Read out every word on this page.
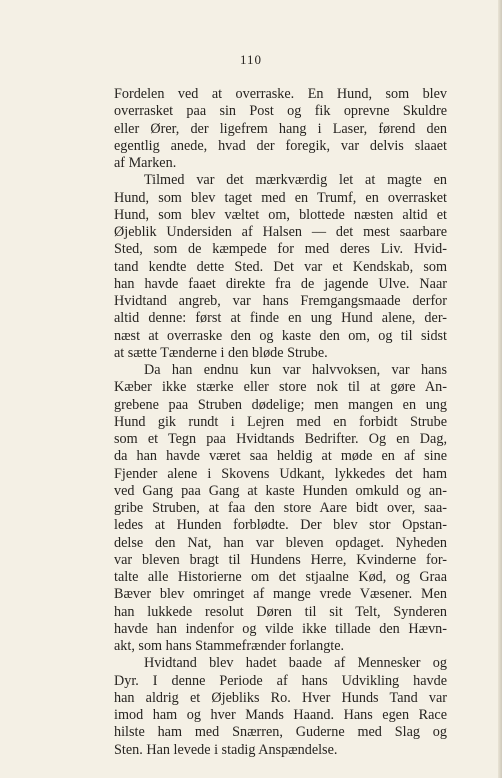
110
Fordelen ved at overraske. En Hund, som blev
overrasket paa sin Post og fik oprevne Skuldre
eller Ører, der ligefrem hang i Laser, førend den
egentlig anede, hvad der foregik, var delvis slaaet
af Marken.
Tilmed var det mærkværdig let at magte en
Hund, som blev taget med en Trumf, en overrasket
Hund, som blev væltet om, blottede næsten altid et
Øjeblik Undersiden af Halsen — det mest saarbare
Sted, som de kæmpede for med deres Liv. Hvid-
tand kendte dette Sted. Det var et Kendskab, som
han havde faaet direkte fra de jagende Ulve. Naar
Hvidtand angreb, var hans Fremgangsmaade derfor
altid denne: først at finde en ung Hund alene, der-
næst at overraske den og kaste den om, og til sidst
at sætte Tænderne i den bløde Strube.
Da han endnu kun var halvvoksen, var hans
Kæber ikke stærke eller store nok til at gøre An-
grebene paa Struben dødelige; men mangen en ung
Hund gik rundt i Lejren med en forbidt Strube
som et Tegn paa Hvidtands Bedrifter. Og en Dag,
da han havde været saa heldig at møde en af sine
Fjender alene i Skovens Udkant, lykkedes det ham
ved Gang paa Gang at kaste Hunden omkuld og an-
gribe Struben, at faa den store Aare bidt over, saa-
ledes at Hunden forblødte. Der blev stor Opstan-
delse den Nat, han var bleven opdaget. Nyheden
var bleven bragt til Hundens Herre, Kvinderne for-
talte alle Historierne om det stjaalne Kød, og Graa
Bæver blev omringet af mange vrede Væsener. Men
han lukkede resolut Døren til sit Telt, Synderen
havde han indenfor og vilde ikke tillade den Hævn-
akt, som hans Stammefrænder forlangte.
Hvidtand blev hadet baade af Mennesker og
Dyr. I denne Periode af hans Udvikling havde
han aldrig et Øjebliks Ro. Hver Hunds Tand var
imod ham og hver Mands Haand. Hans egen Race
hilste ham med Snærren, Guderne med Slag og
Sten. Han levede i stadig Anspændelse.
